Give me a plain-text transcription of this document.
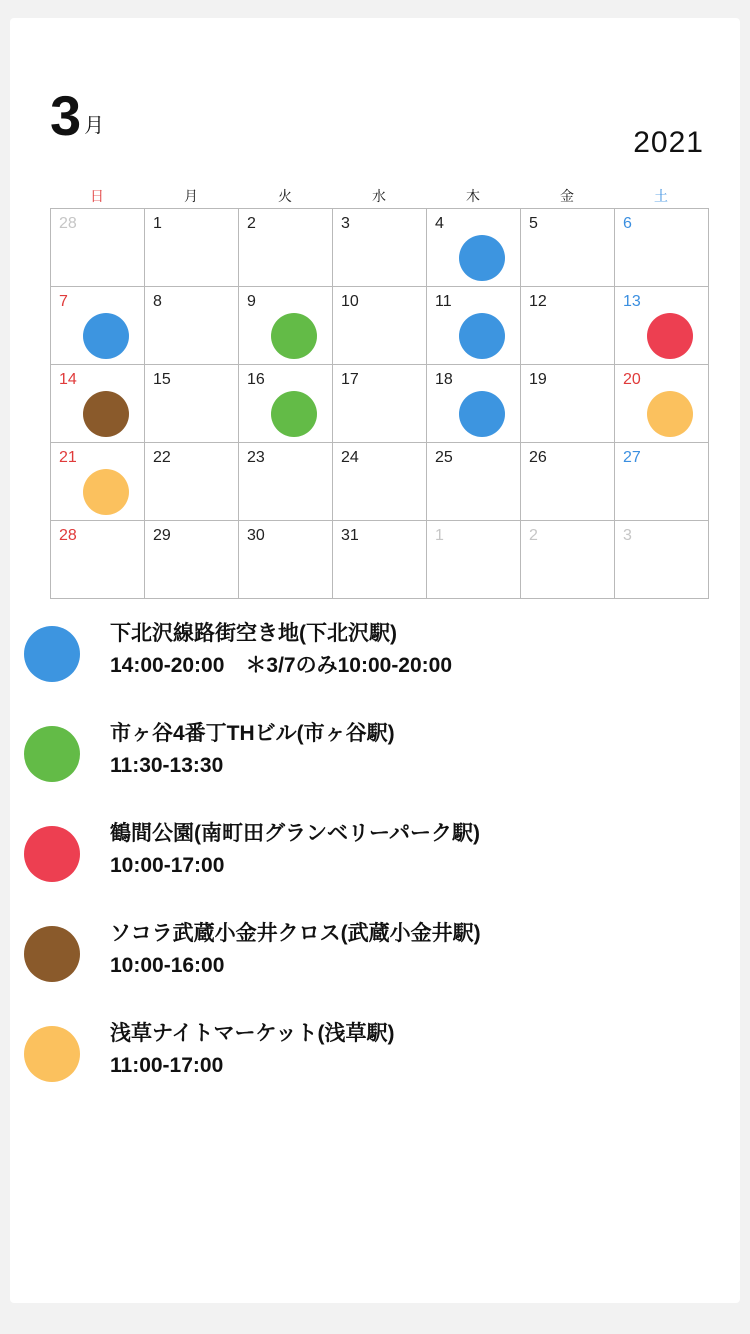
3 月	2021
日	月	火	水	木	金	土
28	1	2	3	4	5	6
7	8	9	10	11	12	13
14	15	16	17	18	19	20
21	22	23	24	25	26	27
28	29	30	31	1	2	3
下北沢線路街空き地(下北沢駅)
14:00-20:00　＊3/7のみ10:00-20:00
市ヶ谷4番丁THビル(市ヶ谷駅)
11:30-13:30
鶴間公園(南町田グランベリーパーク駅)
10:00-17:00
ソコラ武蔵小金井クロス(武蔵小金井駅)
10:00-16:00
浅草ナイトマーケット(浅草駅)
11:00-17:00
